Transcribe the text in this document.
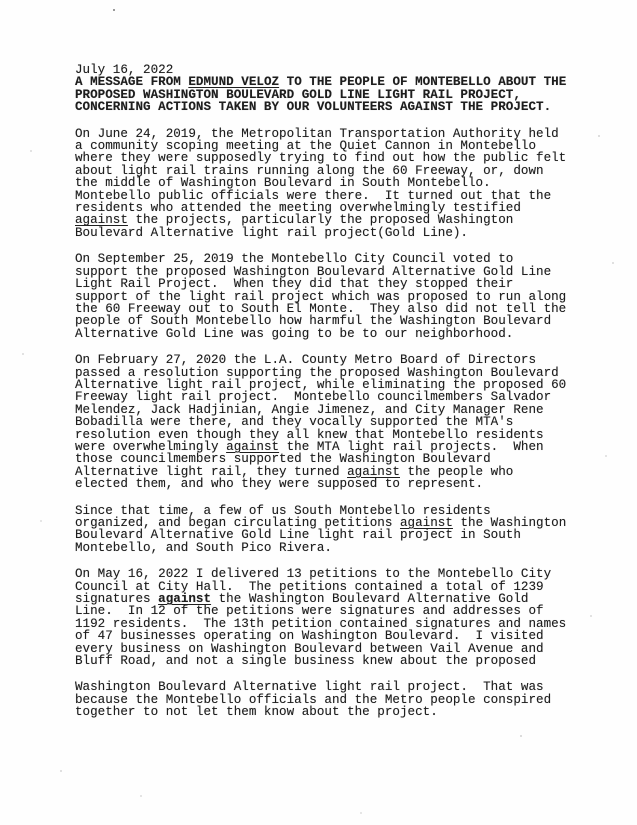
July 16, 2022
A MESSAGE FROM EDMUND VELOZ TO THE PEOPLE OF MONTEBELLO ABOUT THE
PROPOSED WASHINGTON BOULEVARD GOLD LINE LIGHT RAIL PROJECT,
CONCERNING ACTIONS TAKEN BY OUR VOLUNTEERS AGAINST THE PROJECT.
On June 24, 2019, the Metropolitan Transportation Authority held
a community scoping meeting at the Quiet Cannon in Montebello
where they were supposedly trying to find out how the public felt
about light rail trains running along the 60 Freeway, or, down
the middle of Washington Boulevard in South Montebello.
Montebello public officials were there.  It turned out that the
residents who attended the meeting overwhelmingly testified
against the projects, particularly the proposed Washington
Boulevard Alternative light rail project(Gold Line).
On September 25, 2019 the Montebello City Council voted to
support the proposed Washington Boulevard Alternative Gold Line
Light Rail Project.  When they did that they stopped their
support of the light rail project which was proposed to run along
the 60 Freeway out to South El Monte.  They also did not tell the
people of South Montebello how harmful the Washington Boulevard
Alternative Gold Line was going to be to our neighborhood.
On February 27, 2020 the L.A. County Metro Board of Directors
passed a resolution supporting the proposed Washington Boulevard
Alternative light rail project, while eliminating the proposed 60
Freeway light rail project.  Montebello councilmembers Salvador
Melendez, Jack Hadjinian, Angie Jimenez, and City Manager Rene
Bobadilla were there, and they vocally supported the MTA's
resolution even though they all knew that Montebello residents
were overwhelmingly against the MTA light rail projects.  When
those councilmembers supported the Washington Boulevard
Alternative light rail, they turned against the people who
elected them, and who they were supposed to represent.
Since that time, a few of us South Montebello residents
organized, and began circulating petitions against the Washington
Boulevard Alternative Gold Line light rail project in South
Montebello, and South Pico Rivera.
On May 16, 2022 I delivered 13 petitions to the Montebello City
Council at City Hall.  The petitions contained a total of 1239
signatures against the Washington Boulevard Alternative Gold
Line.  In 12 of the petitions were signatures and addresses of
1192 residents.  The 13th petition contained signatures and names
of 47 businesses operating on Washington Boulevard.  I visited
every business on Washington Boulevard between Vail Avenue and
Bluff Road, and not a single business knew about the proposed
Washington Boulevard Alternative light rail project.  That was
because the Montebello officials and the Metro people conspired
together to not let them know about the project.
